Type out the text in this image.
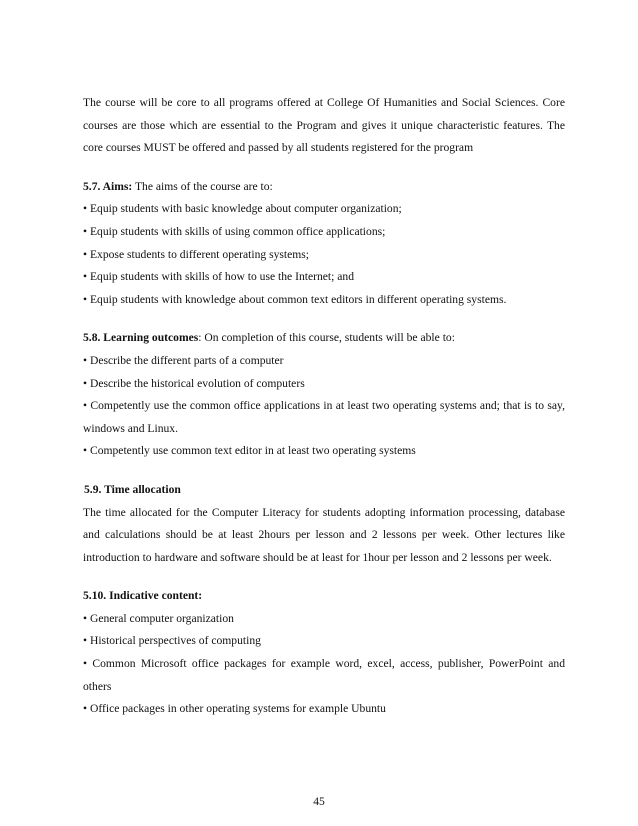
The course will be core to all programs offered at College Of Humanities and Social Sciences. Core courses are those which are essential to the Program and gives it unique characteristic features. The core courses MUST be offered and passed by all students registered for the program

5.7. Aims: The aims of the course are to:

• Equip students with basic knowledge about computer organization;

• Equip students with skills of using common office applications;

• Expose students to different operating systems;

• Equip students with skills of how to use the Internet; and

• Equip students with knowledge about common text editors in different operating systems.

5.8. Learning outcomes: On completion of this course, students will be able to:

• Describe the different parts of a computer

• Describe the historical evolution of computers

• Competently use the common office applications in at least two operating systems and; that is to say, windows and Linux.

• Competently use common text editor in at least two operating systems

5.9. Time allocation

The time allocated for the Computer Literacy for students adopting information processing, database and calculations should be at least 2hours per lesson and 2 lessons per week. Other lectures like introduction to hardware and software should be at least for 1hour per lesson and 2 lessons per week.

5.10. Indicative content:

• General computer organization

• Historical perspectives of computing

• Common Microsoft office packages for example word, excel, access, publisher, PowerPoint and others

• Office packages in other operating systems for example Ubuntu

45
